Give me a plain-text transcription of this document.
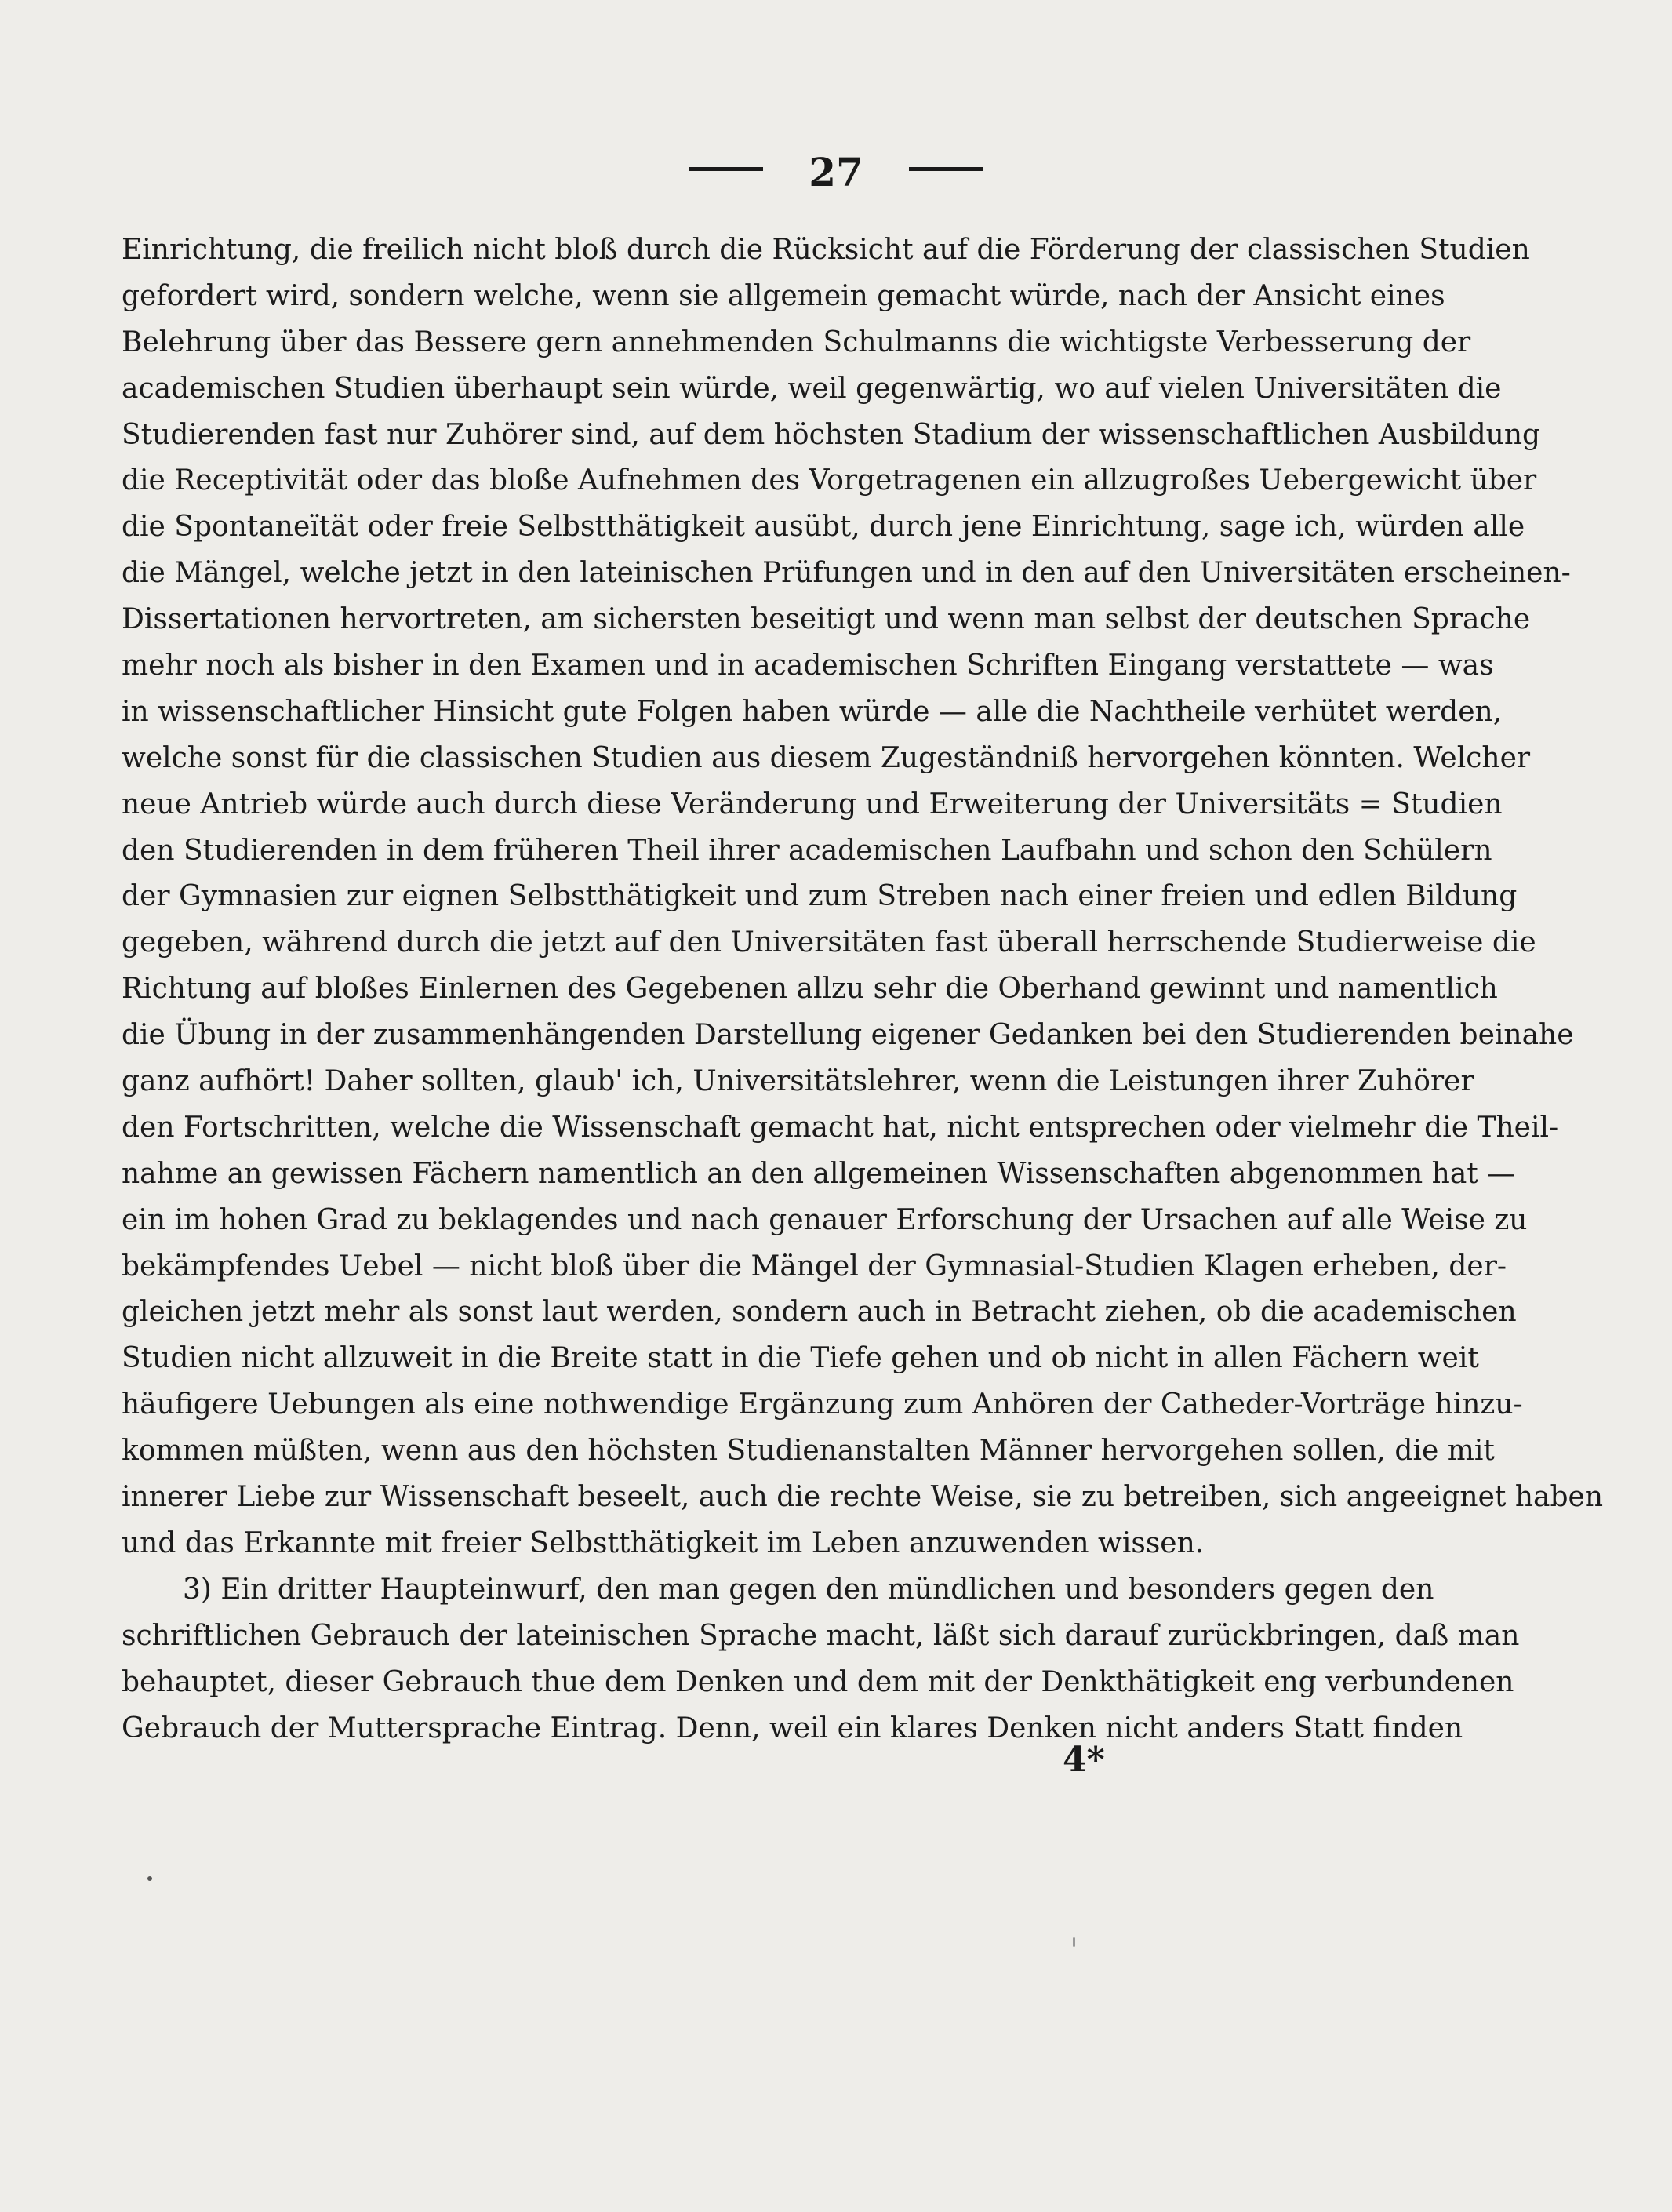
27
Einrichtung, die freilich nicht bloß durch die Rücksicht auf die Förderung der classischen Studien
gefordert wird, sondern welche, wenn sie allgemein gemacht würde, nach der Ansicht eines
Belehrung über das Bessere gern annehmenden Schulmanns die wichtigste Verbesserung der
academischen Studien überhaupt sein würde, weil gegenwärtig, wo auf vielen Universitäten die
Studierenden fast nur Zuhörer sind, auf dem höchsten Stadium der wissenschaftlichen Ausbildung
die Receptivität oder das bloße Aufnehmen des Vorgetragenen ein allzugroßes Uebergewicht über
die Spontaneïtät oder freie Selbstthätigkeit ausübt, durch jene Einrichtung, sage ich, würden alle
die Mängel, welche jetzt in den lateinischen Prüfungen und in den auf den Universitäten erscheinen-
Dissertationen hervortreten, am sichersten beseitigt und wenn man selbst der deutschen Sprache
mehr noch als bisher in den Examen und in academischen Schriften Eingang verstattete — was
in wissenschaftlicher Hinsicht gute Folgen haben würde — alle die Nachtheile verhütet werden,
welche sonst für die classischen Studien aus diesem Zugeständniß hervorgehen könnten. Welcher
neue Antrieb würde auch durch diese Veränderung und Erweiterung der Universitäts = Studien
den Studierenden in dem früheren Theil ihrer academischen Laufbahn und schon den Schülern
der Gymnasien zur eignen Selbstthätigkeit und zum Streben nach einer freien und edlen Bildung
gegeben, während durch die jetzt auf den Universitäten fast überall herrschende Studierweise die
Richtung auf bloßes Einlernen des Gegebenen allzu sehr die Oberhand gewinnt und namentlich
die Übung in der zusammenhängenden Darstellung eigener Gedanken bei den Studierenden beinahe
ganz aufhört! Daher sollten, glaub' ich, Universitätslehrer, wenn die Leistungen ihrer Zuhörer
den Fortschritten, welche die Wissenschaft gemacht hat, nicht entsprechen oder vielmehr die Theil-
nahme an gewissen Fächern namentlich an den allgemeinen Wissenschaften abgenommen hat —
ein im hohen Grad zu beklagendes und nach genauer Erforschung der Ursachen auf alle Weise zu
bekämpfendes Uebel — nicht bloß über die Mängel der Gymnasial-Studien Klagen erheben, der-
gleichen jetzt mehr als sonst laut werden, sondern auch in Betracht ziehen, ob die academischen
Studien nicht allzuweit in die Breite statt in die Tiefe gehen und ob nicht in allen Fächern weit
häufigere Uebungen als eine nothwendige Ergänzung zum Anhören der Catheder-Vorträge hinzu-
kommen müßten, wenn aus den höchsten Studienanstalten Männer hervorgehen sollen, die mit
innerer Liebe zur Wissenschaft beseelt, auch die rechte Weise, sie zu betreiben, sich angeeignet haben
und das Erkannte mit freier Selbstthätigkeit im Leben anzuwenden wissen.
3) Ein dritter Haupteinwurf, den man gegen den mündlichen und besonders gegen den
schriftlichen Gebrauch der lateinischen Sprache macht, läßt sich darauf zurückbringen, daß man
behauptet, dieser Gebrauch thue dem Denken und dem mit der Denkthätigkeit eng verbundenen
Gebrauch der Muttersprache Eintrag. Denn, weil ein klares Denken nicht anders Statt finden
4*
